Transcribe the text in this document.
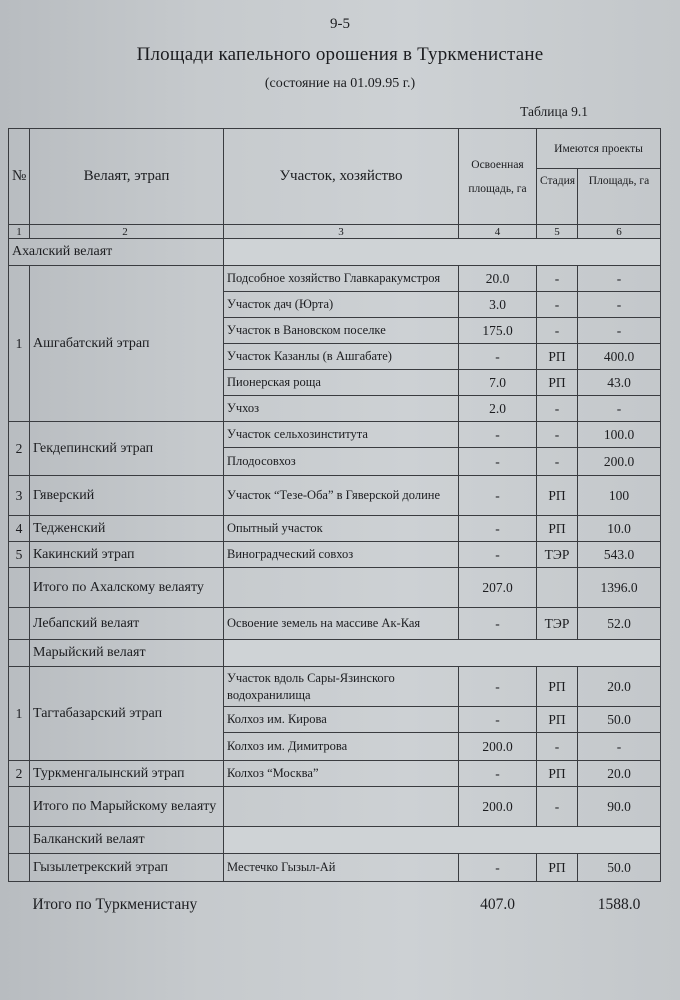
9-5
Площади капельного орошения в Туркменистане
(состояние на 01.09.95 г.)
Таблица 9.1
№	Велаят, этрап	Участок, хозяйство	Освоенная площадь, га	Имеются проекты	
				Стадия	Площадь, га
1	2	3	4	5	6
Ахалский велаят					
1	Ашгабатский этрап	Подсобное хозяйство Главкаракумстроя	20.0	-	-
		Участок дач (Юрта)	3.0	-	-
		Участок в Вановском поселке	175.0	-	-
		Участок Казанлы (в Ашгабате)	-	РП	400.0
		Пионерская роща	7.0	РП	43.0
		Учхоз	2.0	-	-
2	Гекдепинский этрап	Участок сельхозинститута	-	-	100.0
		Плодосовхоз	-	-	200.0
3	Гяверский	Участок “Тезе-Оба” в Гяверской долине	-	РП	100
4	Тедженский	Опытный участок	-	РП	10.0
5	Какинский этрап	Виноградческий совхоз	-	ТЭР	543.0
	Итого по Ахалскому велаяту		207.0		1396.0
	Лебапский велаят	Освоение земель на массиве Ак-Кая	-	ТЭР	52.0
	Марыйский велаят				
1	Тагтабазарский этрап	Участок вдоль Сары-Язинского водохранилища	-	РП	20.0
		Колхоз им. Кирова	-	РП	50.0
		Колхоз им. Димитрова	200.0	-	-
2	Туркменгалынский этрап	Колхоз “Москва”	-	РП	20.0
	Итого по Марыйскому велаяту		200.0	-	90.0
	Балканский велаят				
	Гызылетрекский этрап	Местечко Гызыл-Ай	-	РП	50.0
	Итого по Туркменистану		407.0		1588.0
